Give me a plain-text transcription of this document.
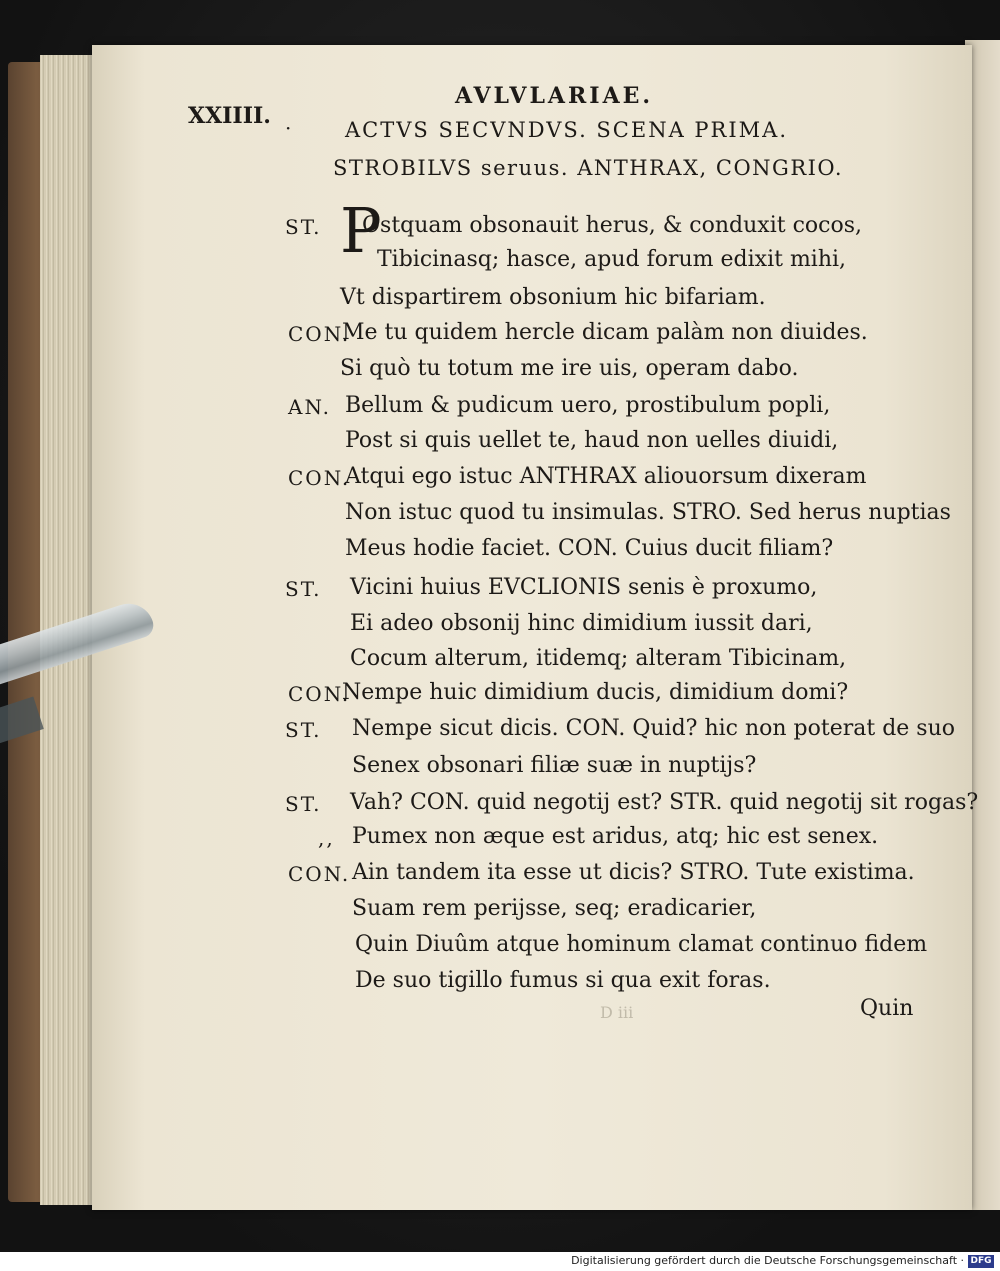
AVLVLARIAE.
XXIIII. ·	ACTVS SECVNDVS. SCENA PRIMA.
STROBILVS seruus. ANTHRAX, CONGRIO.
P
ST. Ostquam obsonauit herus, & conduxit cocos,
Tibicinasq; hasce, apud forum edixit mihi,
Vt dispartirem obsonium hic bifariam.
CON.
Me tu quidem hercle dicam palàm non diuides.
Si quò tu totum me ire uis, operam dabo.
AN. Bellum & pudicum uero, prostibulum popli,
Post si quis uellet te, haud non uelles diuidi,
CON.
Atqui ego istuc ANTHRAX aliouorsum dixeram
Non istuc quod tu insimulas. STRO. Sed herus nuptias
Meus hodie faciet. CON. Cuius ducit filiam?
ST. Vicini huius EVCLIONIS senis è proxumo,
Ei adeo obsonij hinc dimidium iussit dari,
Cocum alterum, itidemq; alteram Tibicinam,
CON.
Nempe huic dimidium ducis, dimidium domi?
ST. Nempe sicut dicis. CON. Quid? hic non poterat de suo
Senex obsonari filiæ suæ in nuptijs?
ST. Vah? CON. quid negotij est? STR. quid negotij sit rogas?
,, Pumex non æque est aridus, atq; hic est senex.
CON. Ain tandem ita esse ut dicis? STRO. Tute existima.
Suam rem perijsse, seq; eradicarier,
Quin Diuûm atque hominum clamat continuo fidem
De suo tigillo fumus si qua exit foras.
Quin
D iii
Digitalisierung gefördert durch die Deutsche Forschungsgemeinschaft · DFG
